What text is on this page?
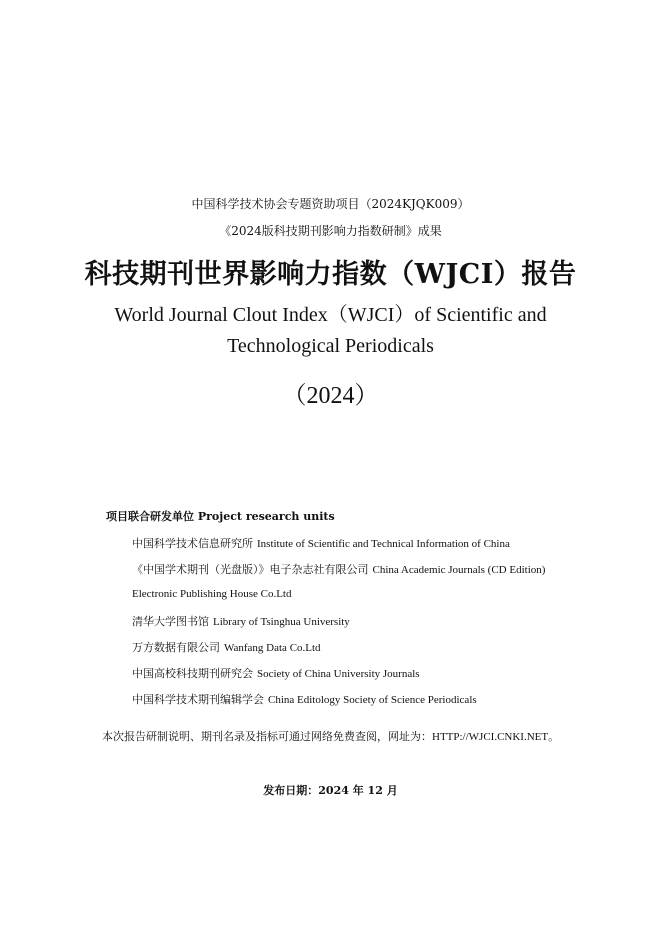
中国科学技术协会专题资助项目（2024KJQK009）
《2024版科技期刊影响力指数研制》成果
科技期刊世界影响力指数（WJCI）报告
World Journal Clout Index（WJCI）of Scientific and
Technological Periodicals
（2024）
项目联合研发单位 Project research units
中国科学技术信息研究所 Institute of Scientific and Technical Information of China
《中国学术期刊（光盘版）》电子杂志社有限公司 China Academic Journals (CD Edition)
Electronic Publishing House Co.Ltd
清华大学图书馆 Library of Tsinghua University
万方数据有限公司 Wanfang Data Co.Ltd
中国高校科技期刊研究会 Society of China University Journals
中国科学技术期刊编辑学会 China Editology Society of Science Periodicals
本次报告研制说明、期刊名录及指标可通过网络免费查阅，网址为：HTTP://WJCI.CNKI.NET。
发布日期：2024 年 12 月
